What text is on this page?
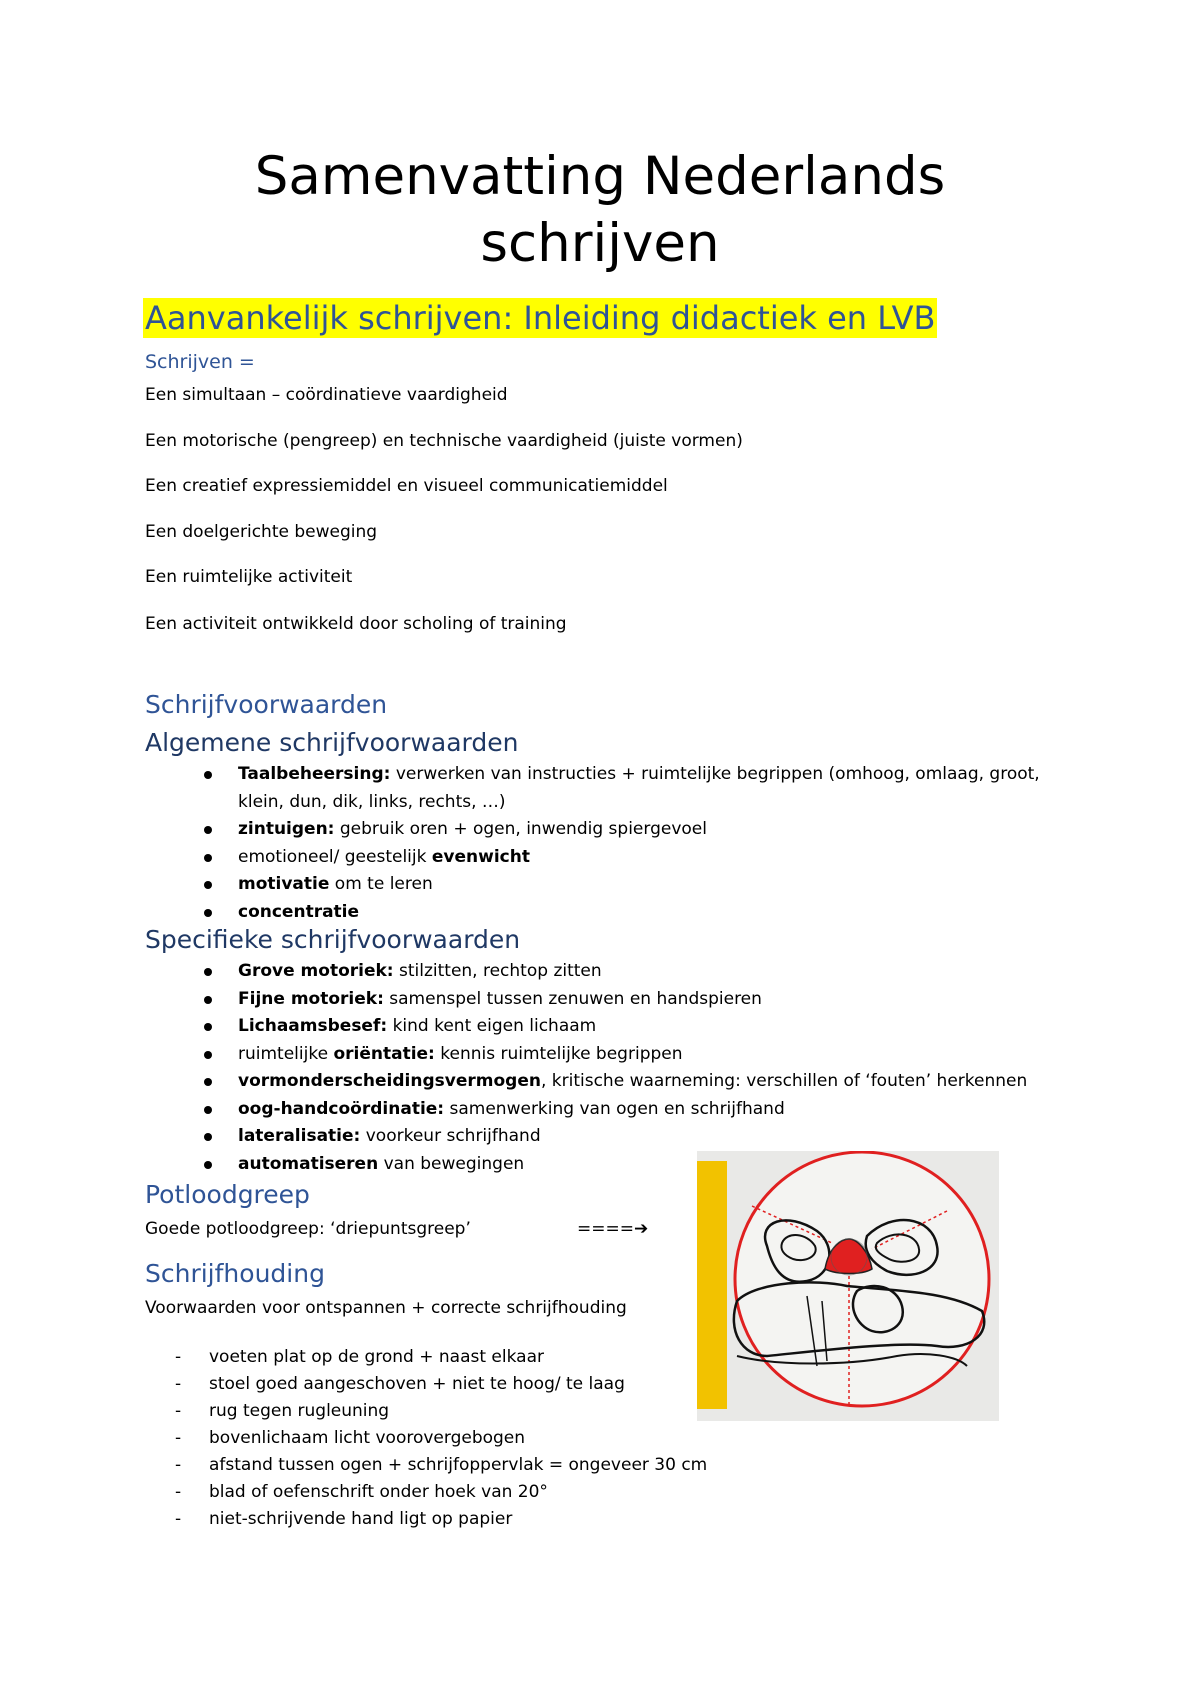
Samenvatting Nederlands
schrijven
Aanvankelijk schrijven: Inleiding didactiek en LVB
Schrijven =
Een simultaan – coördinatieve vaardigheid
Een motorische (pengreep) en technische vaardigheid (juiste vormen)
Een creatief expressiemiddel en visueel communicatiemiddel
Een doelgerichte beweging
Een ruimtelijke activiteit
Een activiteit ontwikkeld door scholing of training
Schrijfvoorwaarden
Algemene schrijfvoorwaarden
Taalbeheersing: verwerken van instructies + ruimtelijke begrippen (omhoog, omlaag, groot, klein, dun, dik, links, rechts, …)
zintuigen: gebruik oren + ogen, inwendig spiergevoel
emotioneel/ geestelijk evenwicht
motivatie om te leren
concentratie
Specifieke schrijfvoorwaarden
Grove motoriek: stilzitten, rechtop zitten
Fijne motoriek: samenspel tussen zenuwen en handspieren
Lichaamsbesef: kind kent eigen lichaam
ruimtelijke oriëntatie: kennis ruimtelijke begrippen
vormonderscheidingsvermogen, kritische waarneming: verschillen of ‘fouten’ herkennen
oog-handcoördinatie: samenwerking van ogen en schrijfhand
lateralisatie: voorkeur schrijfhand
automatiseren van bewegingen
Potloodgreep
Goede potloodgreep: ‘driepuntsgreep’	====➔
Schrijfhouding
Voorwaarden voor ontspannen + correcte schrijfhouding
- voeten plat op de grond + naast elkaar
- stoel goed aangeschoven + niet te hoog/ te laag
- rug tegen rugleuning
- bovenlichaam licht voorovergebogen
- afstand tussen ogen + schrijfoppervlak = ongeveer 30 cm
- blad of oefenschrift onder hoek van 20°
- niet-schrijvende hand ligt op papier
